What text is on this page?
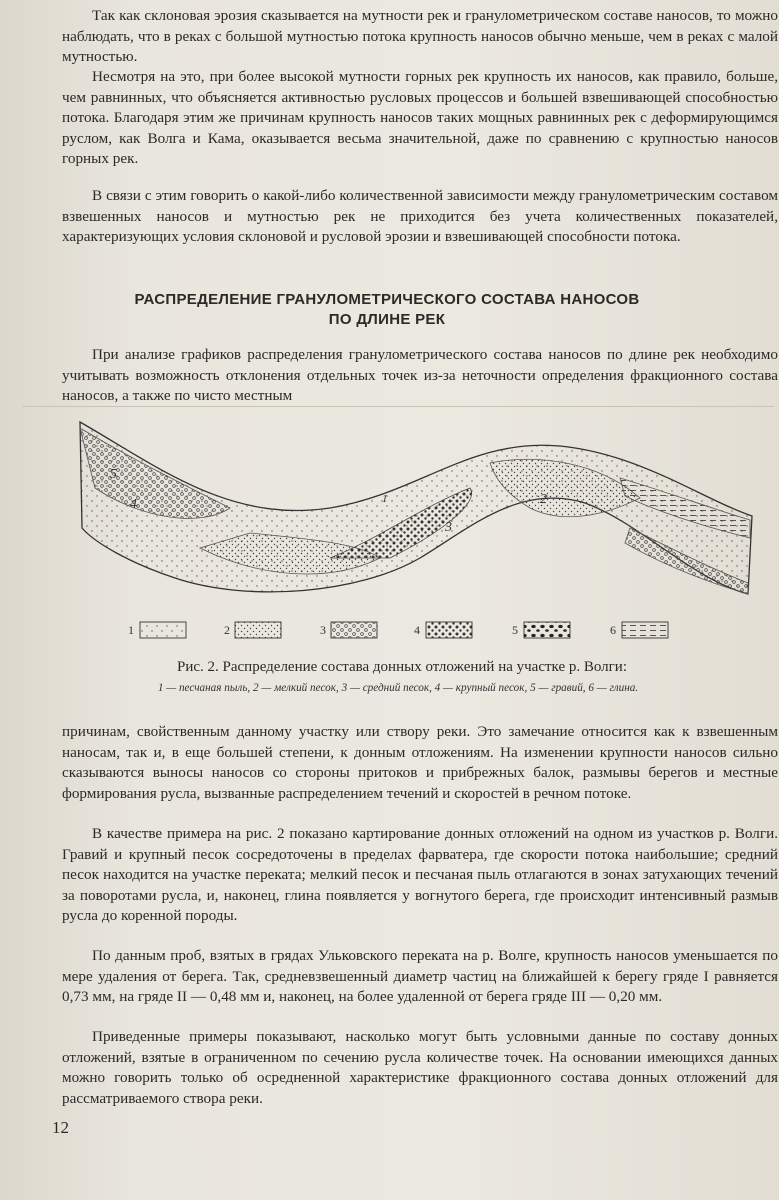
Так как склоновая эрозия сказывается на мутности рек и гранулометрическом составе наносов, то можно наблюдать, что в реках с большой мутностью потока крупность наносов обычно меньше, чем в реках с малой мутностью.

Несмотря на это, при более высокой мутности горных рек крупность их наносов, как правило, больше, чем равнинных, что объясняется активностью русловых процессов и большей взвешивающей способностью потока. Благодаря этим же причинам крупность наносов таких мощных равнинных рек с деформирующимся руслом, как Волга и Кама, оказывается весьма значительной, даже по сравнению с крупностью наносов горных рек.

В связи с этим говорить о какой-либо количественной зависимости между гранулометрическим составом взвешенных наносов и мутностью рек не приходится без учета количественных показателей, характеризующих условия склоновой и русловой эрозии и взвешивающей способности потока.

РАСПРЕДЕЛЕНИЕ ГРАНУЛОМЕТРИЧЕСКОГО СОСТАВА НАНОСОВ

ПО ДЛИНЕ РЕК

При анализе графиков распределения гранулометрического состава наносов по длине рек необходимо учитывать возможность отклонения отдельных точек из-за неточности определения фракционного состава наносов, а также по чисто местным

1	2
3
4
5
1	2	3	4	5	6

Рис. 2. Распределение состава донных отложений на участке р. Волги:

1 — песчаная пыль, 2 — мелкий песок, 3 — средний песок, 4 — крупный песок, 5 — гравий, 6 — глина.

причинам, свойственным данному участку или створу реки. Это замечание относится как к взвешенным наносам, так и, в еще большей степени, к донным отложениям. На изменении крупности наносов сильно сказываются выносы наносов со стороны притоков и прибрежных балок, размывы берегов и местные формирования русла, вызванные распределением течений и скоростей в речном потоке.

В качестве примера на рис. 2 показано картирование донных отложений на одном из участков р. Волги. Гравий и крупный песок сосредоточены в пределах фарватера, где скорости потока наибольшие; средний песок находится на участке переката; мелкий песок и песчаная пыль отлагаются в зонах затухающих течений за поворотами русла, и, наконец, глина появляется у вогнутого берега, где происходит интенсивный размыв русла до коренной породы.

По данным проб, взятых в грядах Ульковского переката на р. Волге, крупность наносов уменьшается по мере удаления от берега. Так, средневзвешенный диаметр частиц на ближайшей к берегу гряде I равняется 0,73 мм, на гряде II — 0,48 мм и, наконец, на более удаленной от берега гряде III — 0,20 мм.

Приведенные примеры показывают, насколько могут быть условными данные по составу донных отложений, взятые в ограниченном по сечению русла количестве точек. На основании имеющихся данных можно говорить только об осредненной характеристике фракционного состава донных отложений для рассматриваемого створа реки.

12
